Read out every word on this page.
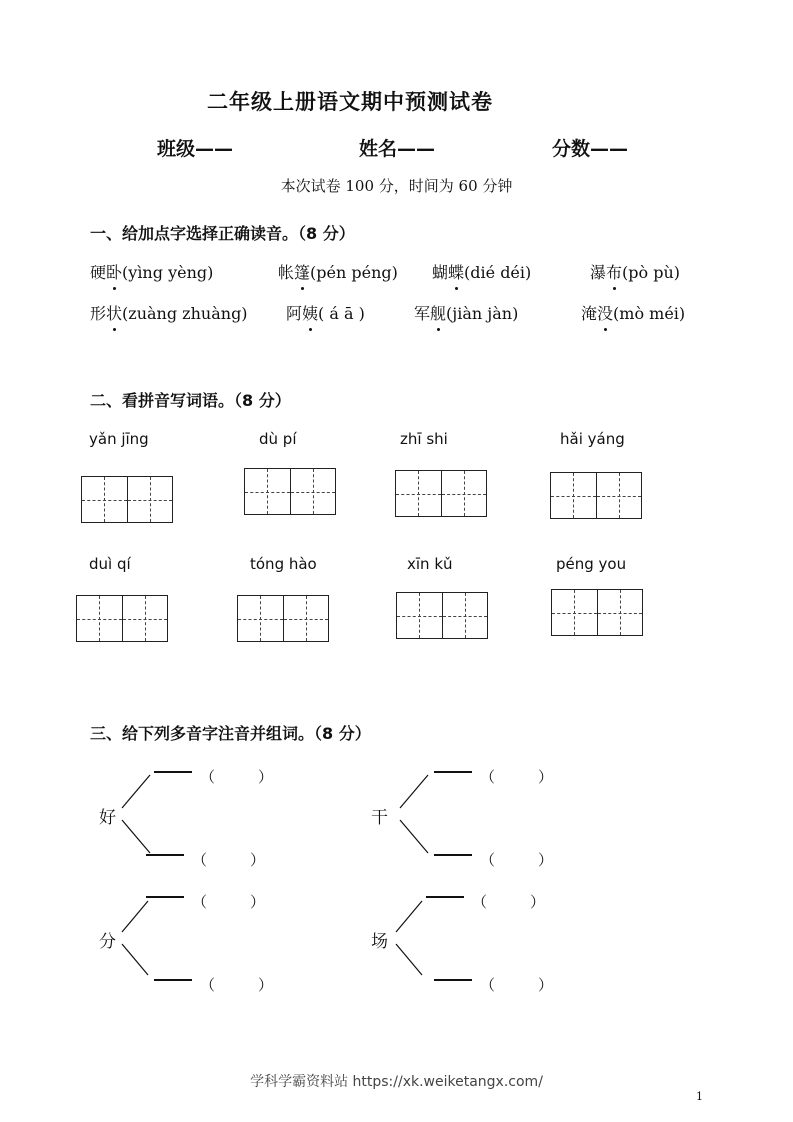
二年级上册语文期中预测试卷
班级——	姓名——	分数——
本次试卷 100 分，时间为 60 分钟
一、给加点字选择正确读音。（8 分）
硬卧(yìng yèng)	帐篷(pén péng) 蝴蝶(dié déi)	瀑布(pò pù)
形状(zuàng zhuàng) 阿姨( á ā )	军舰(jiàn jàn)	淹没(mò méi)
二、看拼音写词语。（8 分）
yǎn jīng	dù pí	zhī shi	hǎi yáng
duì qí	tóng hào	xīn kǔ	péng you
三、给下列多音字注音并组词。（8 分）
好	干
分	场
（	）
（	）
（	）
（	）
（	）
（	）
（	）
（	）
学科学霸资料站 https://xk.weiketangx.com/
1
